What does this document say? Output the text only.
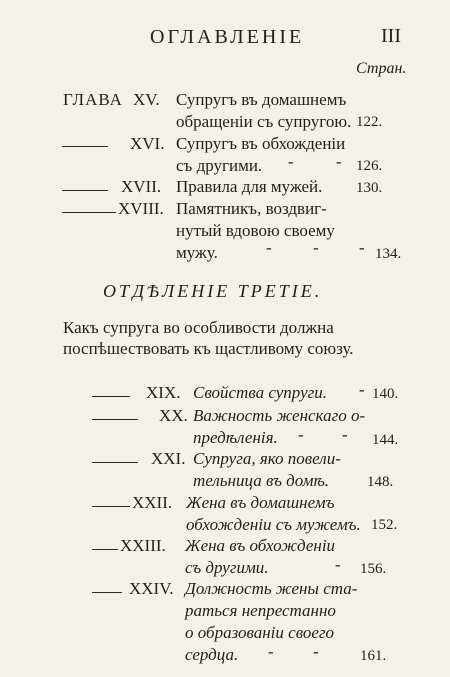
ОГЛАВЛЕНІЕ	III
Стран.
ГЛАВА XV. Супругъ въ домашнемъ
обращеніи съ супругою. 122.
XVI. Супругъ въ обхожденіи
съ другими. - - 126.
XVII. Правила для мужей. 130.
XVIII. Памятникъ, воздвиг-
нутый вдовою своему
мужу.	- - - 134.
ОТДѢЛЕНІЕ ТРЕТІЕ.
Какъ супруга во особливости должна
поспѣшествовать къ щастливому союзу.
XIX. Свойства супруги. - 140.
XX. Важность женскаго о-
предѣленія. - - 144.
XXI. Супруга, яко повели-
тельница въ домѣ.	148.
XXII. Жена въ домашнемъ
обхожденіи съ мужемъ. 152.
XXIII. Жена въ обхожденіи
съ другими.	- 156.
XXIV. Должность жены ста-
раться непрестанно
о образованіи своего
сердца. - -	161.
